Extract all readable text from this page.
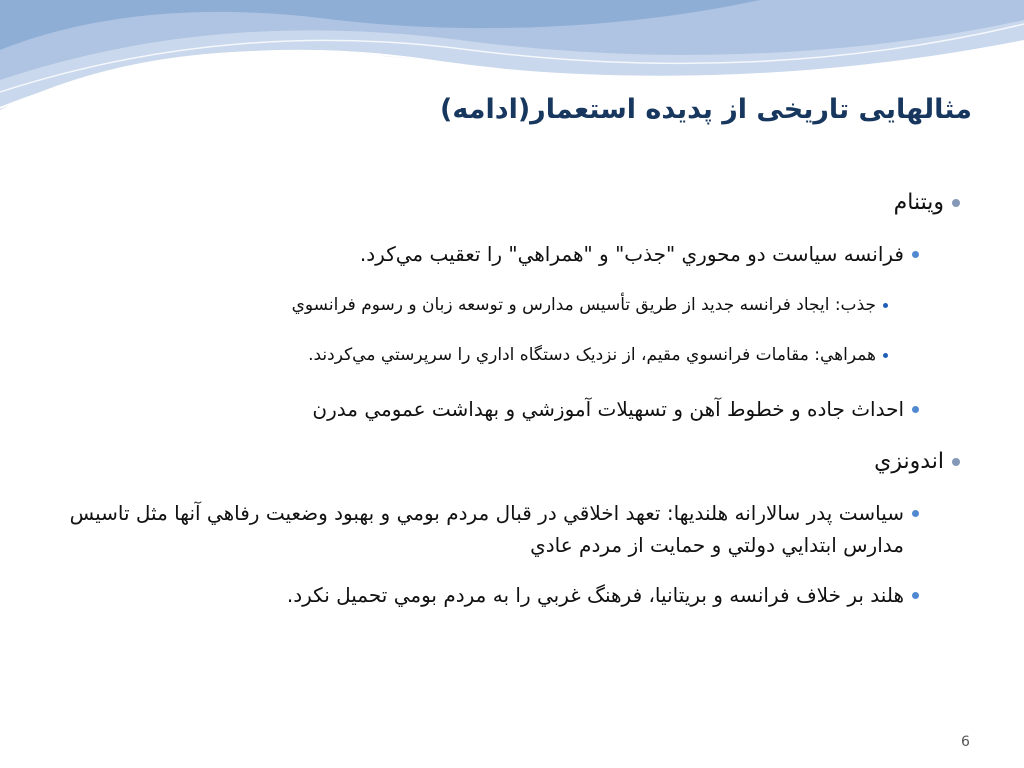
مثالهایی تاریخی از پدیده استعمار(ادامه)
ويتنام
فرانسه سياست دو محوري "جذب" و "همراهي" را تعقيب مي‌كرد.
جذب: ايجاد فرانسه جديد از طريق تأسيس مدارس و توسعه زبان و رسوم فرانسوي
همراهي: مقامات فرانسوي مقيم، از نزديک دستگاه اداري را سرپرستي مي‌كردند.
احداث جاده و خطوط آهن و تسهيلات آموزشي و بهداشت عمومي مدرن
اندونزي
سياست پدر سالارانه هلنديها: تعهد اخلاقي در قبال مردم بومي و بهبود وضعيت رفاهي آنها مثل تاسيس مدارس ابتدايي دولتي و حمايت از مردم عادي
هلند بر خلاف فرانسه و بريتانيا، فرهنگ غربي را به مردم بومي تحميل نكرد.
6
